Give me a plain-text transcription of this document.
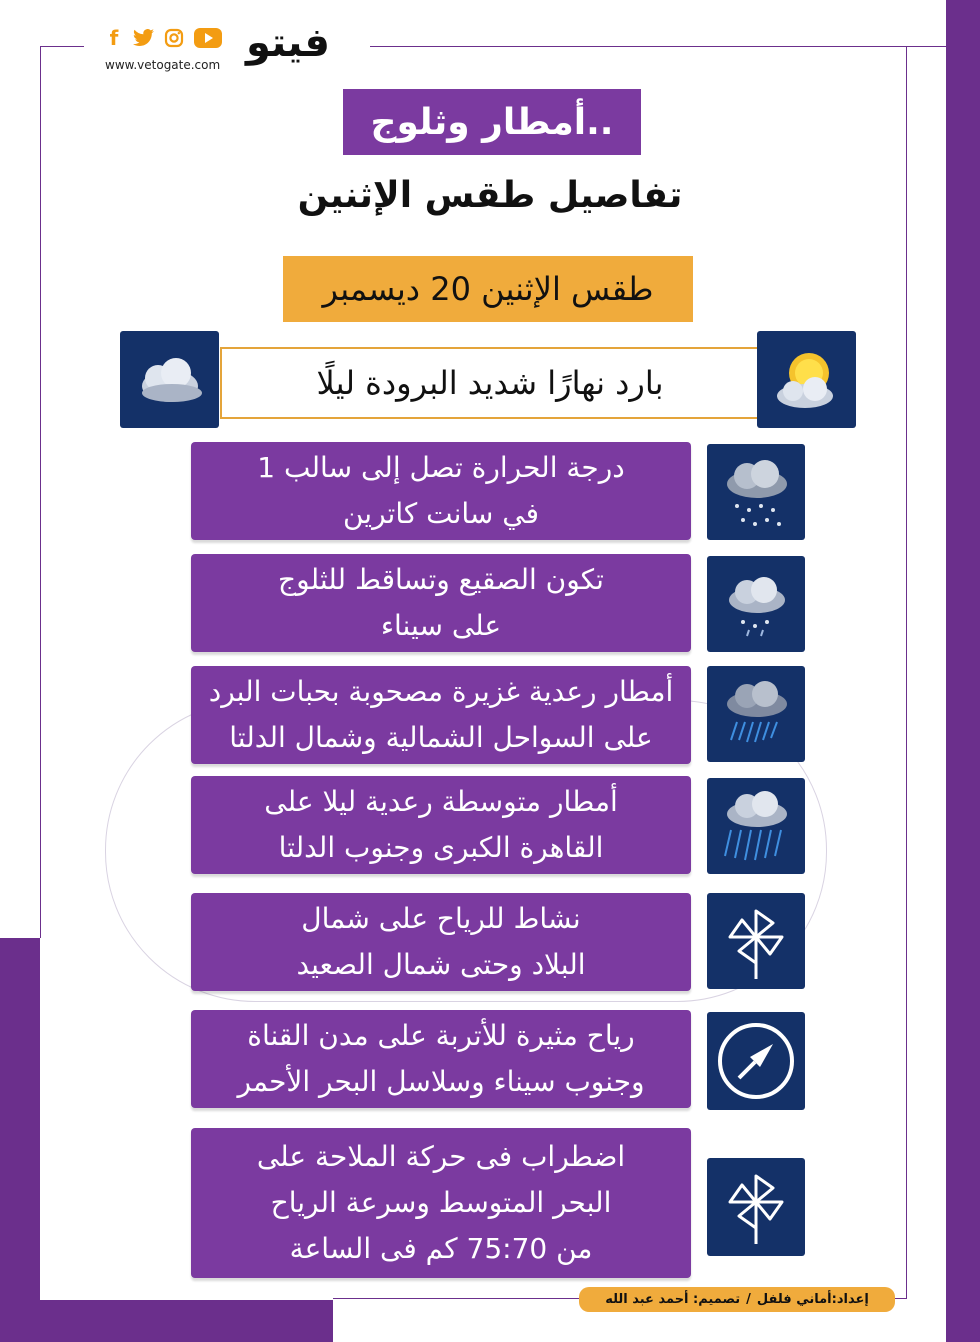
فيتو
f
www.vetogate.com
أمطار وثلوج..
تفاصيل طقس الإثنين
طقس الإثنين 20 ديسمبر
بارد نهارًا شديد البرودة ليلًا
درجة الحرارة تصل إلى سالب 1
في سانت كاترين
تكون الصقيع وتساقط للثلوج
على سيناء
أمطار رعدية غزيرة مصحوبة بحبات البرد
على السواحل الشمالية وشمال الدلتا
أمطار متوسطة رعدية ليلا على
القاهرة الكبرى وجنوب الدلتا
نشاط للرياح على شمال
البلاد وحتى شمال الصعيد
رياح مثيرة للأتربة على مدن القناة
وجنوب سيناء وسلاسل البحر الأحمر
اضطراب فى حركة الملاحة على
البحر المتوسط وسرعة الرياح
من 75:70 كم فى الساعة
إعداد:أماني فلفل
/
تصميم: أحمد عبد الله
